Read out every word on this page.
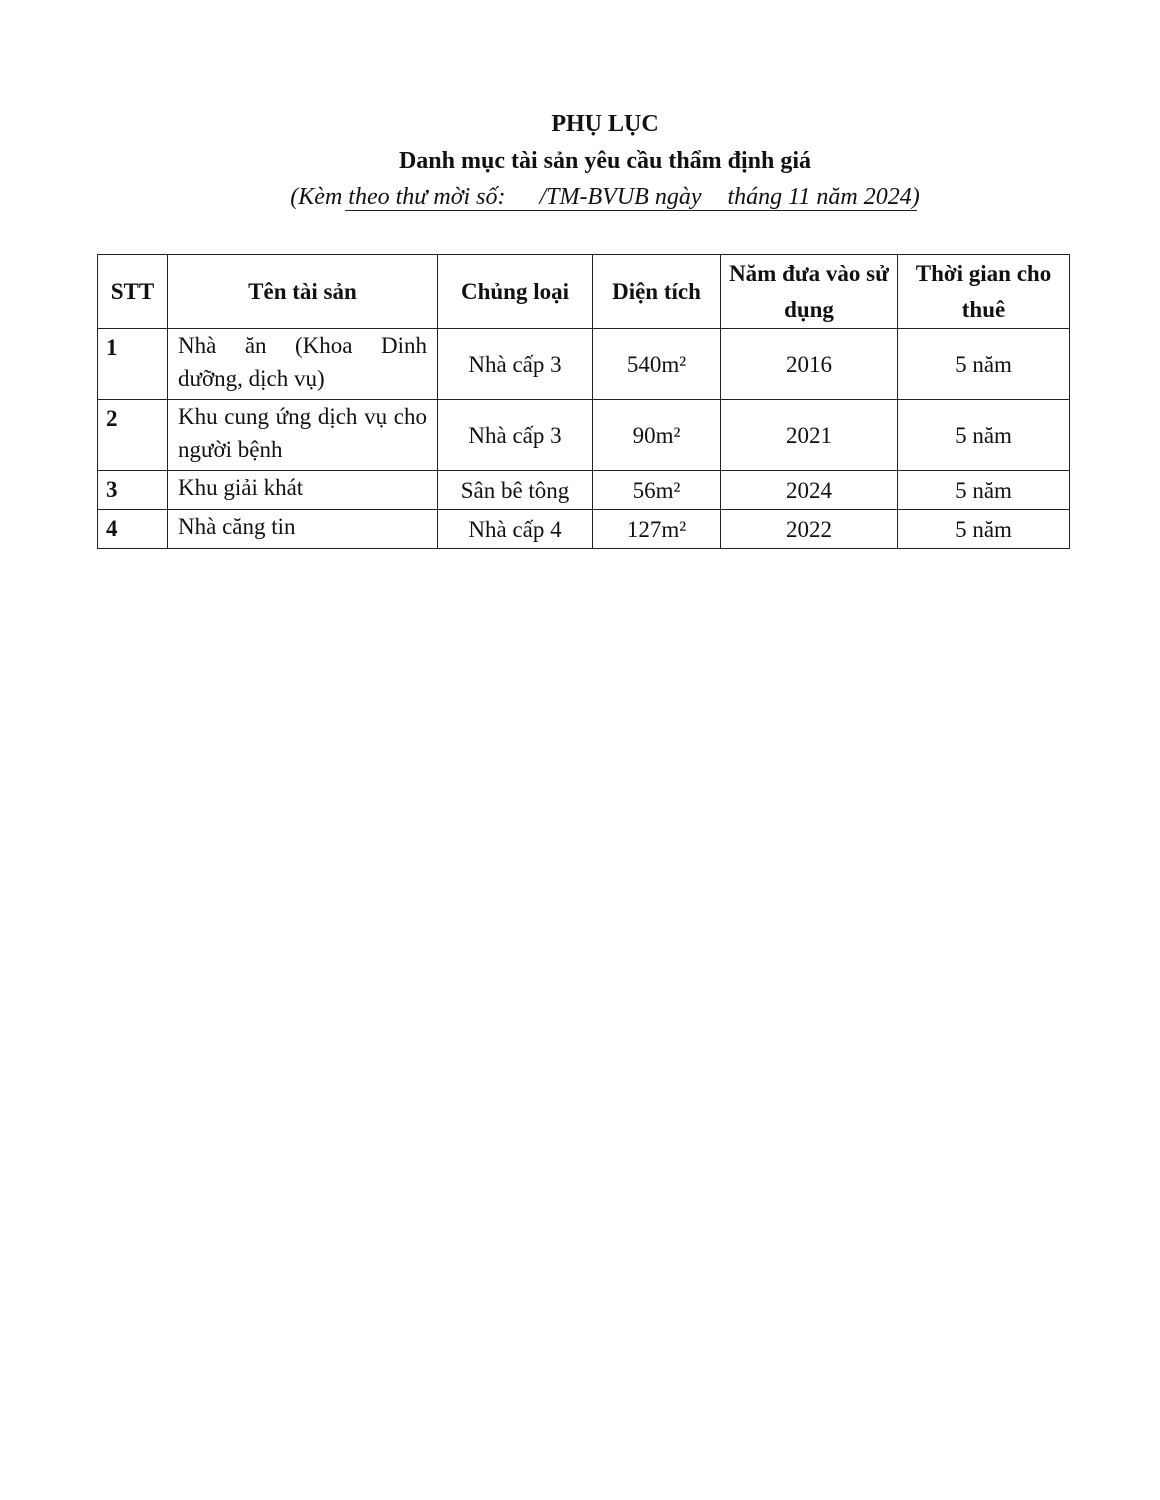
PHỤ LỤC
Danh mục tài sản yêu cầu thẩm định giá
(Kèm theo thư mời số: /TM-BVUB ngày tháng 11 năm 2024)
STT	Tên tài sản	Chủng loại	Diện tích	Năm đưa vào sử dụng	Thời gian cho thuê
1	Nhà ăn (Khoa Dinh dưỡng, dịch vụ)	Nhà cấp 3	540m²	2016	5 năm
2	Khu cung ứng dịch vụ cho người bệnh	Nhà cấp 3	90m²	2021	5 năm
3	Khu giải khát	Sân bê tông	56m²	2024	5 năm
4	Nhà căng tin	Nhà cấp 4	127m²	2022	5 năm
